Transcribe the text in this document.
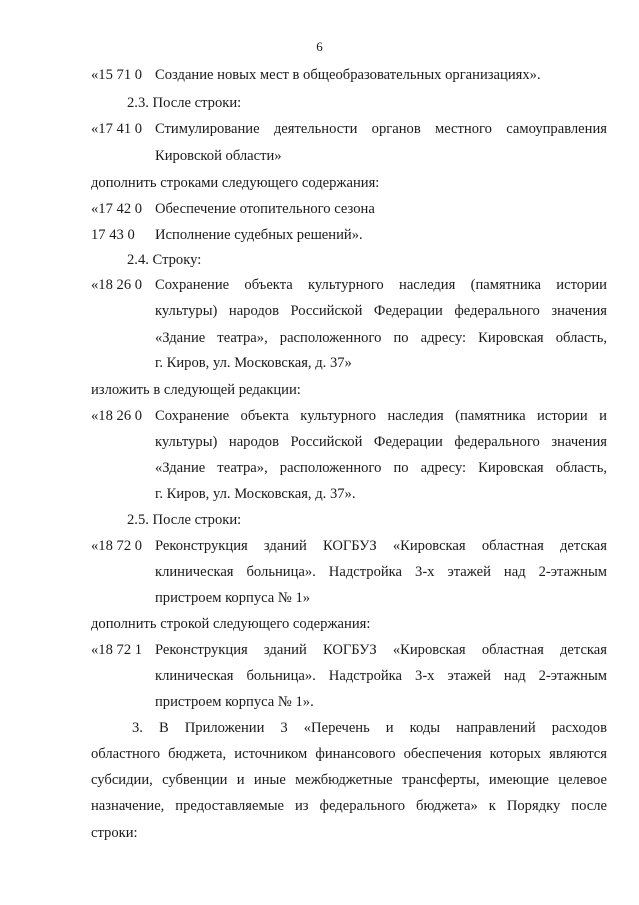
6
«15 71 0 Создание новых мест в общеобразовательных организациях».
2.3. После строки:
«17 41 0 Стимулирование деятельности органов местного самоуправления
Кировской области»
дополнить строками следующего содержания:
«17 42 0 Обеспечение отопительного сезона
17 43 0 Исполнение судебных решений».
2.4. Строку:
«18 26 0 Сохранение объекта культурного наследия (памятника истории
культуры) народов Российской Федерации федерального значения
«Здание театра», расположенного по адресу: Кировская область,
г. Киров, ул. Московская, д. 37»
изложить в следующей редакции:
«18 26 0 Сохранение объекта культурного наследия (памятника истории и
культуры) народов Российской Федерации федерального значения
«Здание театра», расположенного по адресу: Кировская область,
г. Киров, ул. Московская, д. 37».
2.5. После строки:
«18 72 0 Реконструкция зданий КОГБУЗ «Кировская областная детская
клиническая больница». Надстройка 3-х этажей над 2-этажным
пристроем корпуса № 1»
дополнить строкой следующего содержания:
«18 72 1 Реконструкция зданий КОГБУЗ «Кировская областная детская
клиническая больница». Надстройка 3-х этажей над 2-этажным
пристроем корпуса № 1».
3. В Приложении 3 «Перечень и коды направлений расходов
областного бюджета, источником финансового обеспечения которых являются
субсидии, субвенции и иные межбюджетные трансферты, имеющие целевое
назначение, предоставляемые из федерального бюджета» к Порядку после
строки:
